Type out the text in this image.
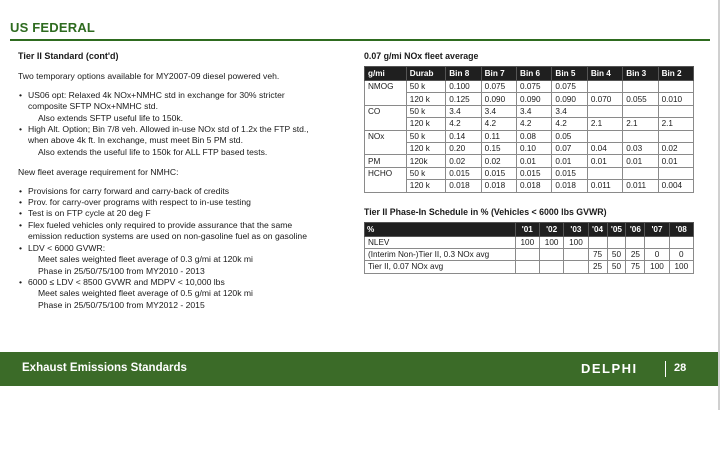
US FEDERAL
Tier II Standard (cont'd)
Two temporary options available for MY2007-09 diesel powered veh.
• US06 opt: Relaxed 4k NOx+NMHC std in exchange for 30% stricter
composite SFTP NOx+NMHC std.
Also extends SFTP useful life to 150k.
• High Alt. Option; Bin 7/8 veh. Allowed in-use NOx std of 1.2x the FTP std.,
when above 4k ft. In exchange, must meet Bin 5 PM std.
Also extends the useful life to 150k for ALL FTP based tests.
New fleet average requirement for NMHC:
• Provisions for carry forward and carry-back of credits
• Prov. for carry-over programs with respect to in-use testing
• Test is on FTP cycle at 20 deg F
• Flex fueled vehicles only required to provide assurance that the same
emission reduction systems are used on non-gasoline fuel as on gasoline
• LDV < 6000 GVWR:
Meet sales weighted fleet average of 0.3 g/mi at 120k mi
Phase in 25/50/75/100 from MY2010 - 2013
• 6000 ≤ LDV < 8500 GVWR and MDPV < 10,000 lbs
Meet sales weighted fleet average of 0.5 g/mi at 120k mi
Phase in 25/50/75/100 from MY2012 - 2015
0.07 g/mi NOx fleet average
g/mi	Durab	Bin 8	Bin 7	Bin 6	Bin 5	Bin 4	Bin 3	Bin 2
NMOG	50 k	0.100	0.075	0.075	0.075			
	120 k	0.125	0.090	0.090	0.090	0.070	0.055	0.010
CO	50 k	3.4	3.4	3.4	3.4			
	120 k	4.2	4.2	4.2	4.2	2.1	2.1	2.1
NOx	50 k	0.14	0.11	0.08	0.05			
	120 k	0.20	0.15	0.10	0.07	0.04	0.03	0.02
PM	120k	0.02	0.02	0.01	0.01	0.01	0.01	0.01
HCHO	50 k	0.015	0.015	0.015	0.015			
	120 k	0.018	0.018	0.018	0.018	0.011	0.011	0.004
Tier II Phase-In Schedule in % (Vehicles < 6000 lbs GVWR)
%	'01	'02	'03	'04	'05	'06	'07	'08
NLEV	100	100	100					
(Interim Non-)Tier II, 0.3 NOx avg				75	50	25	0	0
Tier II, 0.07 NOx avg				25	50	75	100	100
Exhaust Emissions Standards	DELPHI	28
